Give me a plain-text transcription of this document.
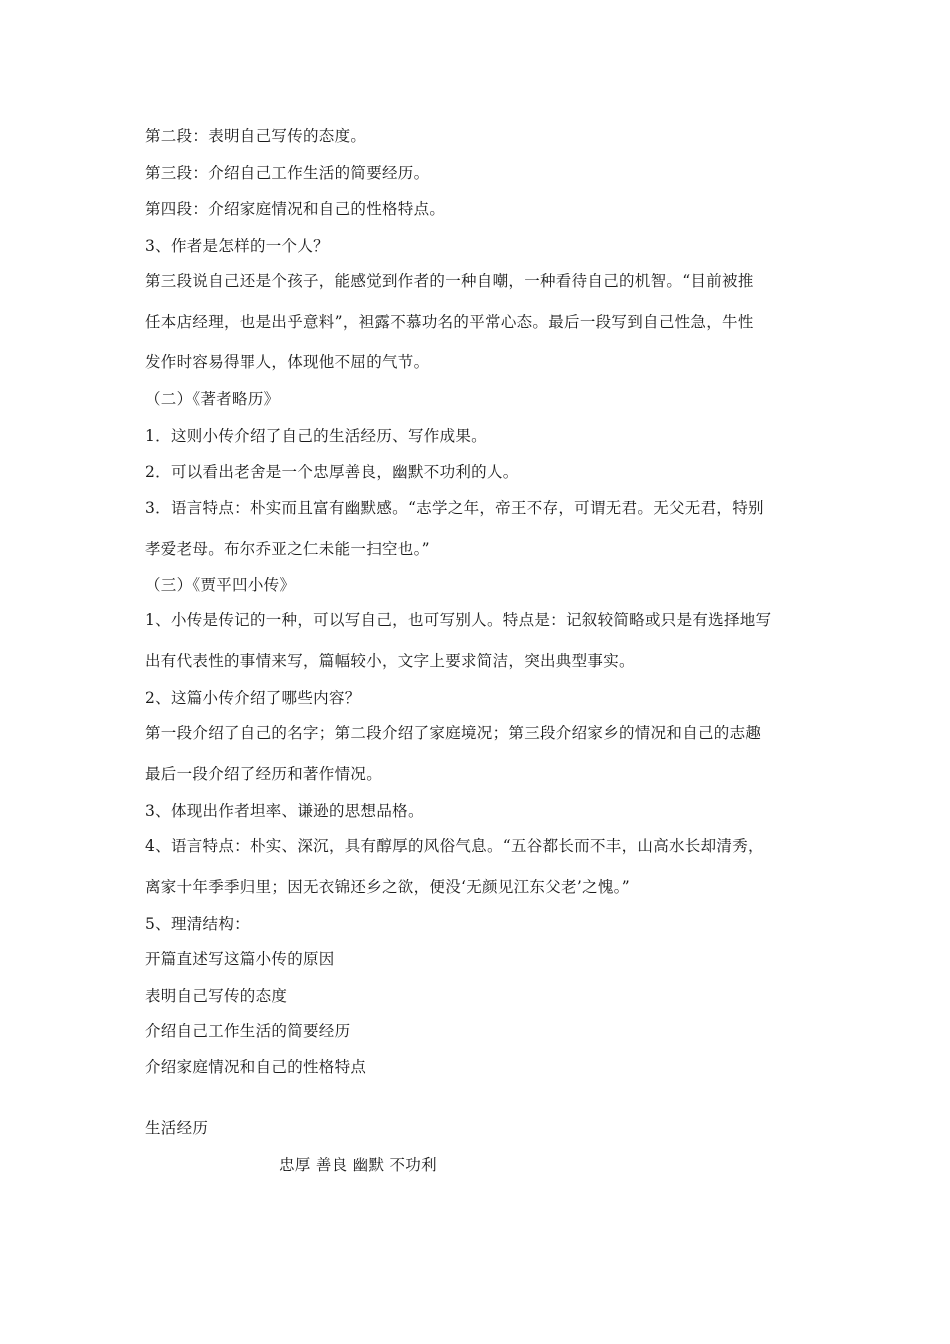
第二段：表明自己写传的态度。
第三段：介绍自己工作生活的简要经历。
第四段：介绍家庭情况和自己的性格特点。
3、作者是怎样的一个人？
第三段说自己还是个孩子，能感觉到作者的一种自嘲，一种看待自己的机智。“目前被推
任本店经理，也是出乎意料”，袒露不慕功名的平常心态。最后一段写到自己性急，牛性
发作时容易得罪人，体现他不屈的气节。
（二）《著者略历》
1．这则小传介绍了自己的生活经历、写作成果。
2．可以看出老舍是一个忠厚善良，幽默不功利的人。
3．语言特点：朴实而且富有幽默感。“志学之年，帝王不存，可谓无君。无父无君，特别
孝爱老母。布尔乔亚之仁未能一扫空也。”
（三）《贾平凹小传》
1、小传是传记的一种，可以写自己，也可写别人。特点是：记叙较简略或只是有选择地写
出有代表性的事情来写，篇幅较小，文字上要求简洁，突出典型事实。
2、这篇小传介绍了哪些内容？
第一段介绍了自己的名字；第二段介绍了家庭境况；第三段介绍家乡的情况和自己的志趣
最后一段介绍了经历和著作情况。
3、体现出作者坦率、谦逊的思想品格。
4、语言特点：朴实、深沉，具有醇厚的风俗气息。“五谷都长而不丰，山高水长却清秀，
离家十年季季归里；因无衣锦还乡之欲，便没‘无颜见江东父老’之愧。”
5、理清结构：
开篇直述写这篇小传的原因
表明自己写传的态度
介绍自己工作生活的简要经历
介绍家庭情况和自己的性格特点
生活经历
忠厚 善良 幽默 不功利
